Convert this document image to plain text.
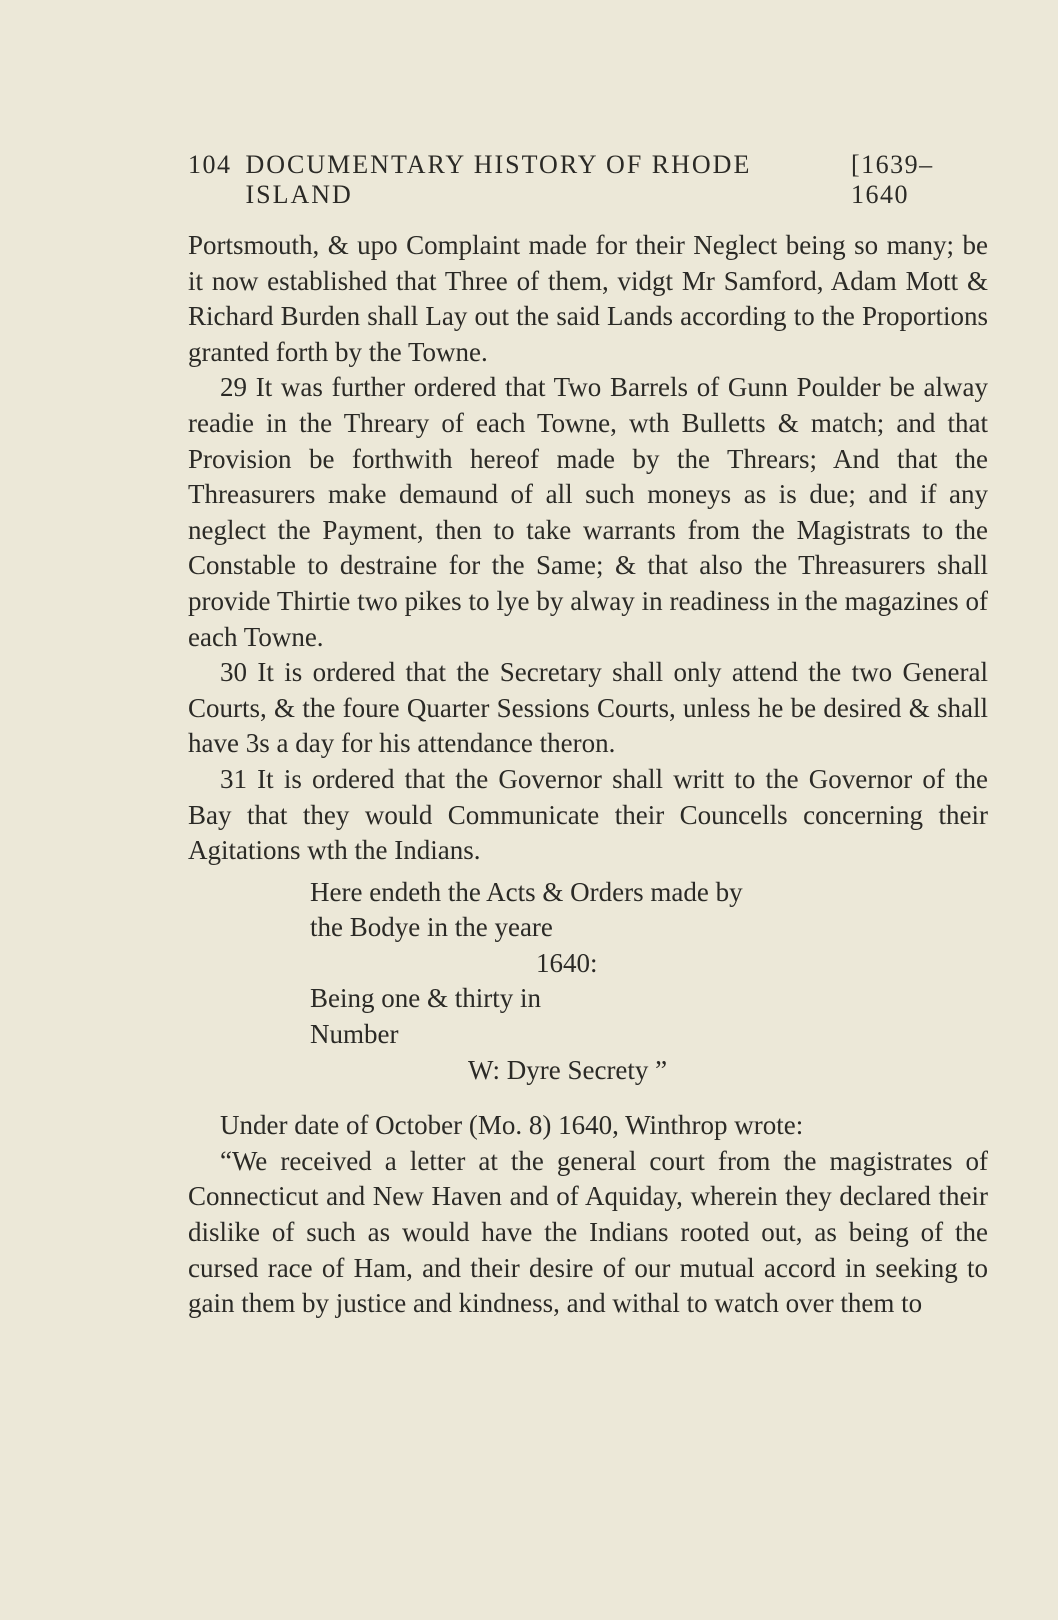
104 DOCUMENTARY HISTORY OF RHODE ISLAND
[1639–1640

Portsmouth, & upo Complaint made for their Neglect being so many; be it now established that Three of them, vidgt Mr Samford, Adam Mott & Richard Burden shall Lay out the said Lands according to the Proportions granted forth by the Towne.

29 It was further ordered that Two Barrels of Gunn Poulder be alway readie in the Threary of each Towne, wth Bulletts & match; and that Provision be forthwith hereof made by the Threars; And that the Threasurers make demaund of all such moneys as is due; and if any neglect the Payment, then to take warrants from the Magistrats to the Constable to destraine for the Same; & that also the Threasurers shall provide Thirtie two pikes to lye by alway in readiness in the magazines of each Towne.

30 It is ordered that the Secretary shall only attend the two General Courts, & the foure Quarter Sessions Courts, unless he be desired & shall have 3s a day for his attendance theron.

31 It is ordered that the Governor shall writt to the Governor of the Bay that they would Communicate their Councells concerning their Agitations wth the Indians.

Here endeth the Acts & Orders made by
the Bodye in the yeare
1640:
Being one & thirty in
Number
W: Dyre Secrety ”

Under date of October (Mo. 8) 1640, Winthrop wrote:

“We received a letter at the general court from the magistrates of Connecticut and New Haven and of Aquiday, wherein they declared their dislike of such as would have the Indians rooted out, as being of the cursed race of Ham, and their desire of our mutual accord in seeking to gain them by justice and kindness, and withal to watch over them to
